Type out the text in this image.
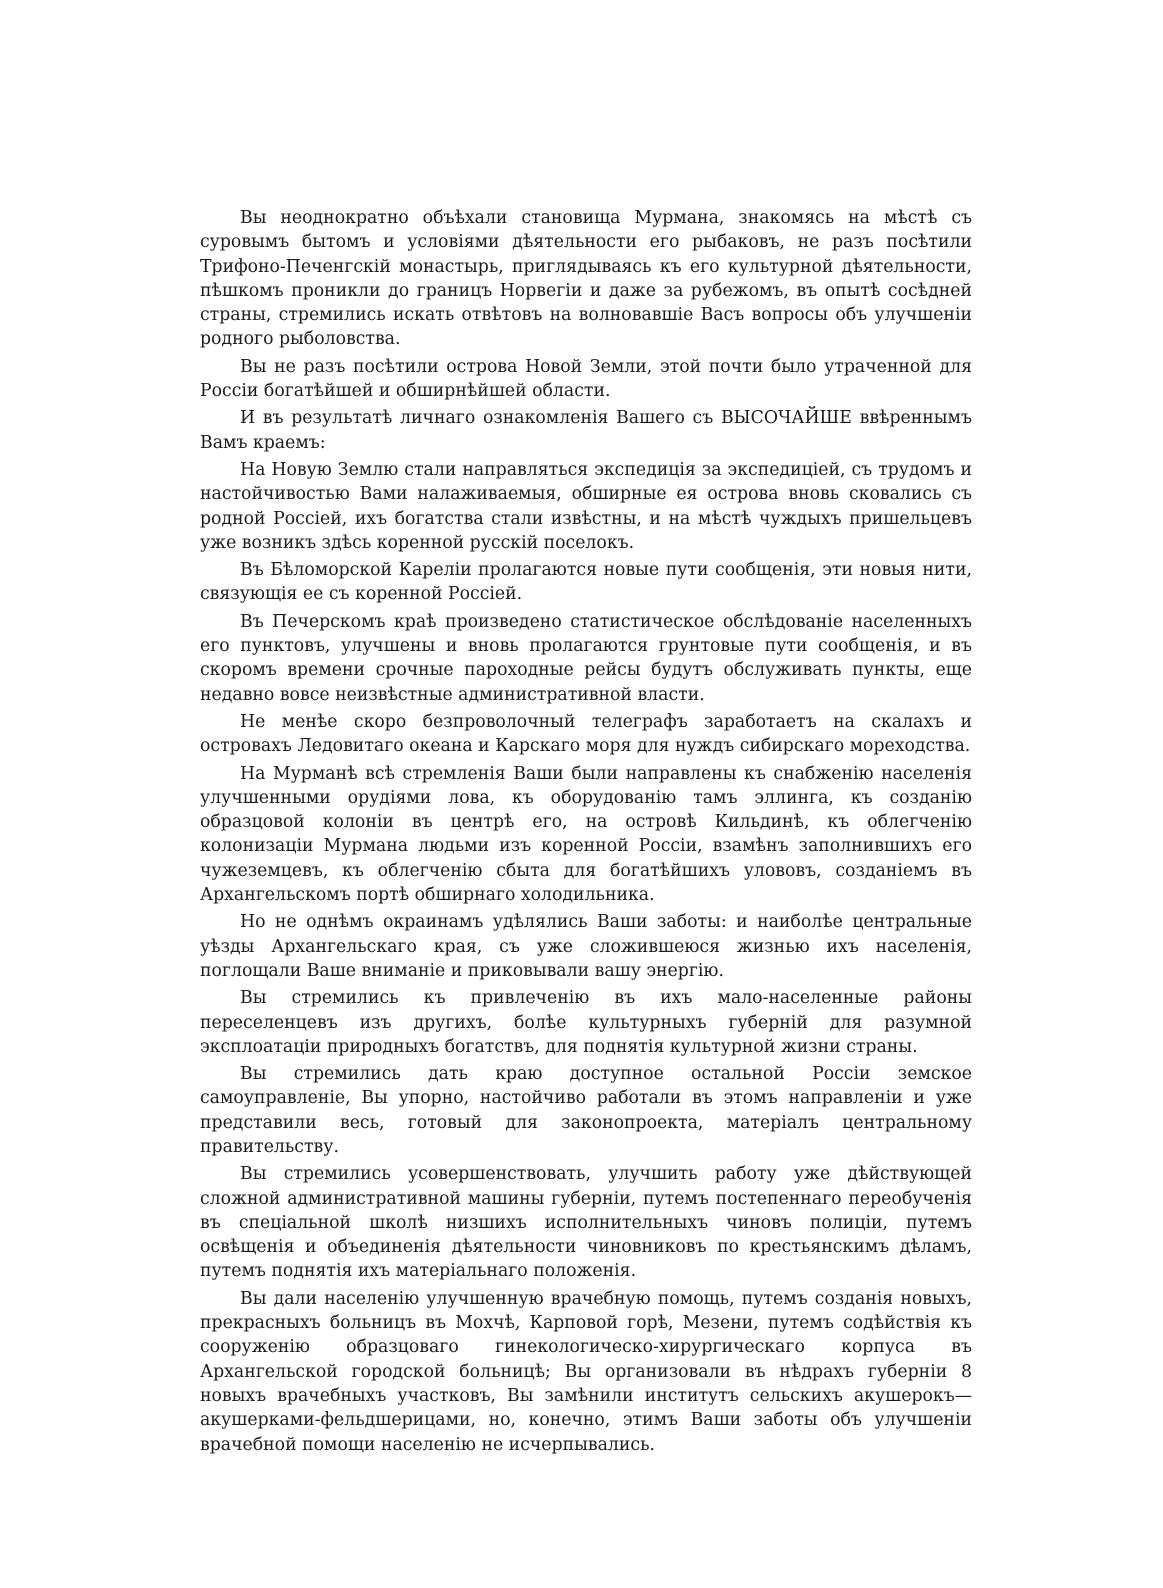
Вы неоднократно объѣхали становища Мурмана, знакомясь на мѣстѣ съ суровымъ бытомъ и условіями дѣятельности его рыбаковъ, не разъ посѣтили Трифоно-Печенгскій монастырь, приглядываясь къ его культурной дѣятельности, пѣшкомъ проникли до границъ Норвегіи и даже за рубежомъ, въ опытѣ сосѣдней страны, стремились искать отвѣтовъ на волновавшіе Васъ вопросы объ улучшеніи родного рыболовства.

Вы не разъ посѣтили острова Новой Земли, этой почти было утраченной для Россіи богатѣйшей и обширнѣйшей области.

И въ результатѣ личнаго ознакомленія Вашего съ ВЫСОЧАЙШЕ ввѣреннымъ Вамъ краемъ:

На Новую Землю стали направляться экспедиція за экспедиціей, съ трудомъ и настойчивостью Вами налаживаемыя, обширные ея острова вновь сковались съ родной Россіей, ихъ богатства стали извѣстны, и на мѣстѣ чуждыхъ пришельцевъ уже возникъ здѣсь коренной русскій поселокъ.

Въ Бѣломорской Кареліи пролагаются новые пути сообщенія, эти новыя нити, связующія ее съ коренной Россіей.

Въ Печерскомъ краѣ произведено статистическое обслѣдованіе населенныхъ его пунктовъ, улучшены и вновь пролагаются грунтовые пути сообщенія, и въ скоромъ времени срочные пароходные рейсы будутъ обслуживать пункты, еще недавно вовсе неизвѣстные административной власти.

Не менѣе скоро безпроволочный телеграфъ заработаетъ на скалахъ и островахъ Ледовитаго океана и Карскаго моря для нуждъ сибирскаго мореходства.

На Мурманѣ всѣ стремленія Ваши были направлены къ снабженію населенія улучшенными орудіями лова, къ оборудованію тамъ эллинга, къ созданію образцовой колоніи въ центрѣ его, на островѣ Кильдинѣ, къ облегченію колонизаціи Мурмана людьми изъ коренной Россіи, взамѣнъ заполнившихъ его чужеземцевъ, къ облегченію сбыта для богатѣйшихъ улововъ, созданіемъ въ Архангельскомъ портѣ обширнаго холодильника.

Но не однѣмъ окраинамъ удѣлялись Ваши заботы: и наиболѣе центральные уѣзды Архангельскаго края, съ уже сложившеюся жизнью ихъ населенія, поглощали Ваше вниманіе и приковывали вашу энергію.

Вы стремились къ привлеченію въ ихъ мало-населенные районы переселенцевъ изъ другихъ, болѣе культурныхъ губерній для разумной эксплоатаціи природныхъ богатствъ, для поднятія культурной жизни страны.

Вы стремились дать краю доступное остальной Россіи земское самоуправленіе, Вы упорно, настойчиво работали въ этомъ направленіи и уже представили весь, готовый для законопроекта, матеріалъ центральному правительству.

Вы стремились усовершенствовать, улучшить работу уже дѣйствующей сложной административной машины губерніи, путемъ постепеннаго переобученія въ спеціальной школѣ низшихъ исполнительныхъ чиновъ полиціи, путемъ освѣщенія и объединенія дѣятельности чиновниковъ по крестьянскимъ дѣламъ, путемъ поднятія ихъ матеріальнаго положенія.

Вы дали населенію улучшенную врачебную помощь, путемъ созданія новыхъ, прекрасныхъ больницъ въ Мохчѣ, Карповой горѣ, Мезени, путемъ содѣйствія къ сооруженію образцоваго гинекологическо-хирургическаго корпуса въ Архангельской городской больницѣ; Вы организовали въ нѣдрахъ губерніи 8 новыхъ врачебныхъ участковъ, Вы замѣнили институтъ сельскихъ акушерокъ—акушерками-фельдшерицами, но, конечно, этимъ Ваши заботы объ улучшеніи врачебной помощи населенію не исчерпывались.
